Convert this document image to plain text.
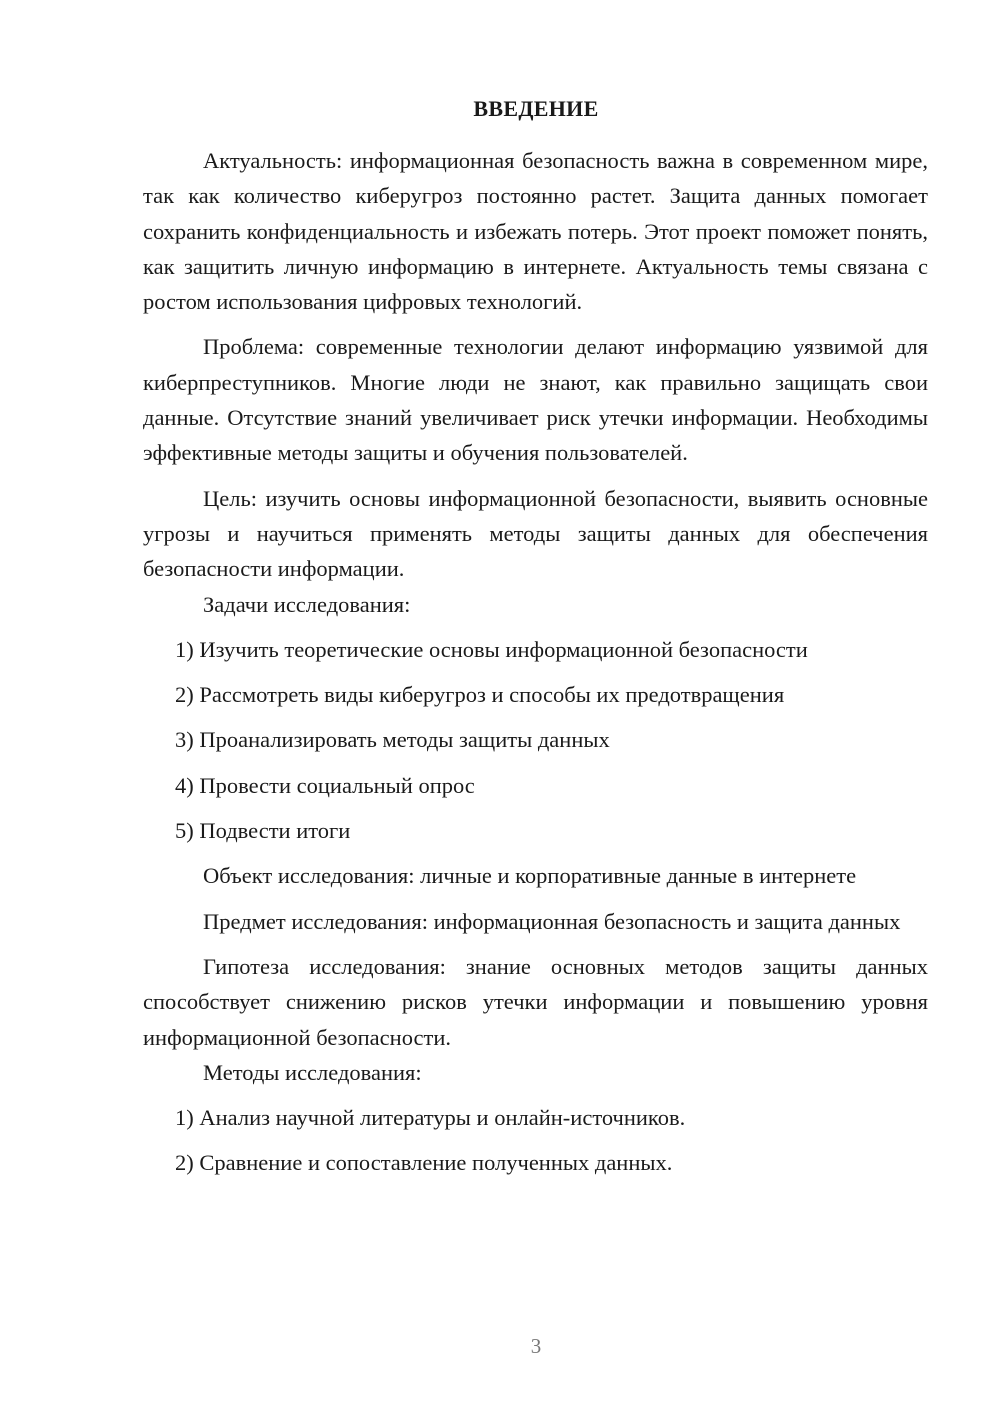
ВВЕДЕНИЕ

Актуальность: информационная безопасность важна в современном мире, так как количество киберугроз постоянно растет. Защита данных помогает сохранить конфиденциальность и избежать потерь. Этот проект поможет понять, как защитить личную информацию в интернете. Актуальность темы связана с ростом использования цифровых технологий.

Проблема: современные технологии делают информацию уязвимой для киберпреступников. Многие люди не знают, как правильно защищать свои данные. Отсутствие знаний увеличивает риск утечки информации. Необходимы эффективные методы защиты и обучения пользователей.

Цель: изучить основы информационной безопасности, выявить основные угрозы и научиться применять методы защиты данных для обеспечения безопасности информации.

Задачи исследования:

1) Изучить теоретические основы информационной безопасности

2) Рассмотреть виды киберугроз и способы их предотвращения

3) Проанализировать методы защиты данных

4) Провести социальный опрос

5) Подвести итоги

Объект исследования: личные и корпоративные данные в интернете

Предмет исследования: информационная безопасность и защита данных

Гипотеза исследования: знание основных методов защиты данных способствует снижению рисков утечки информации и повышению уровня информационной безопасности.

Методы исследования:

1) Анализ научной литературы и онлайн-источников.

2) Сравнение и сопоставление полученных данных.

3
